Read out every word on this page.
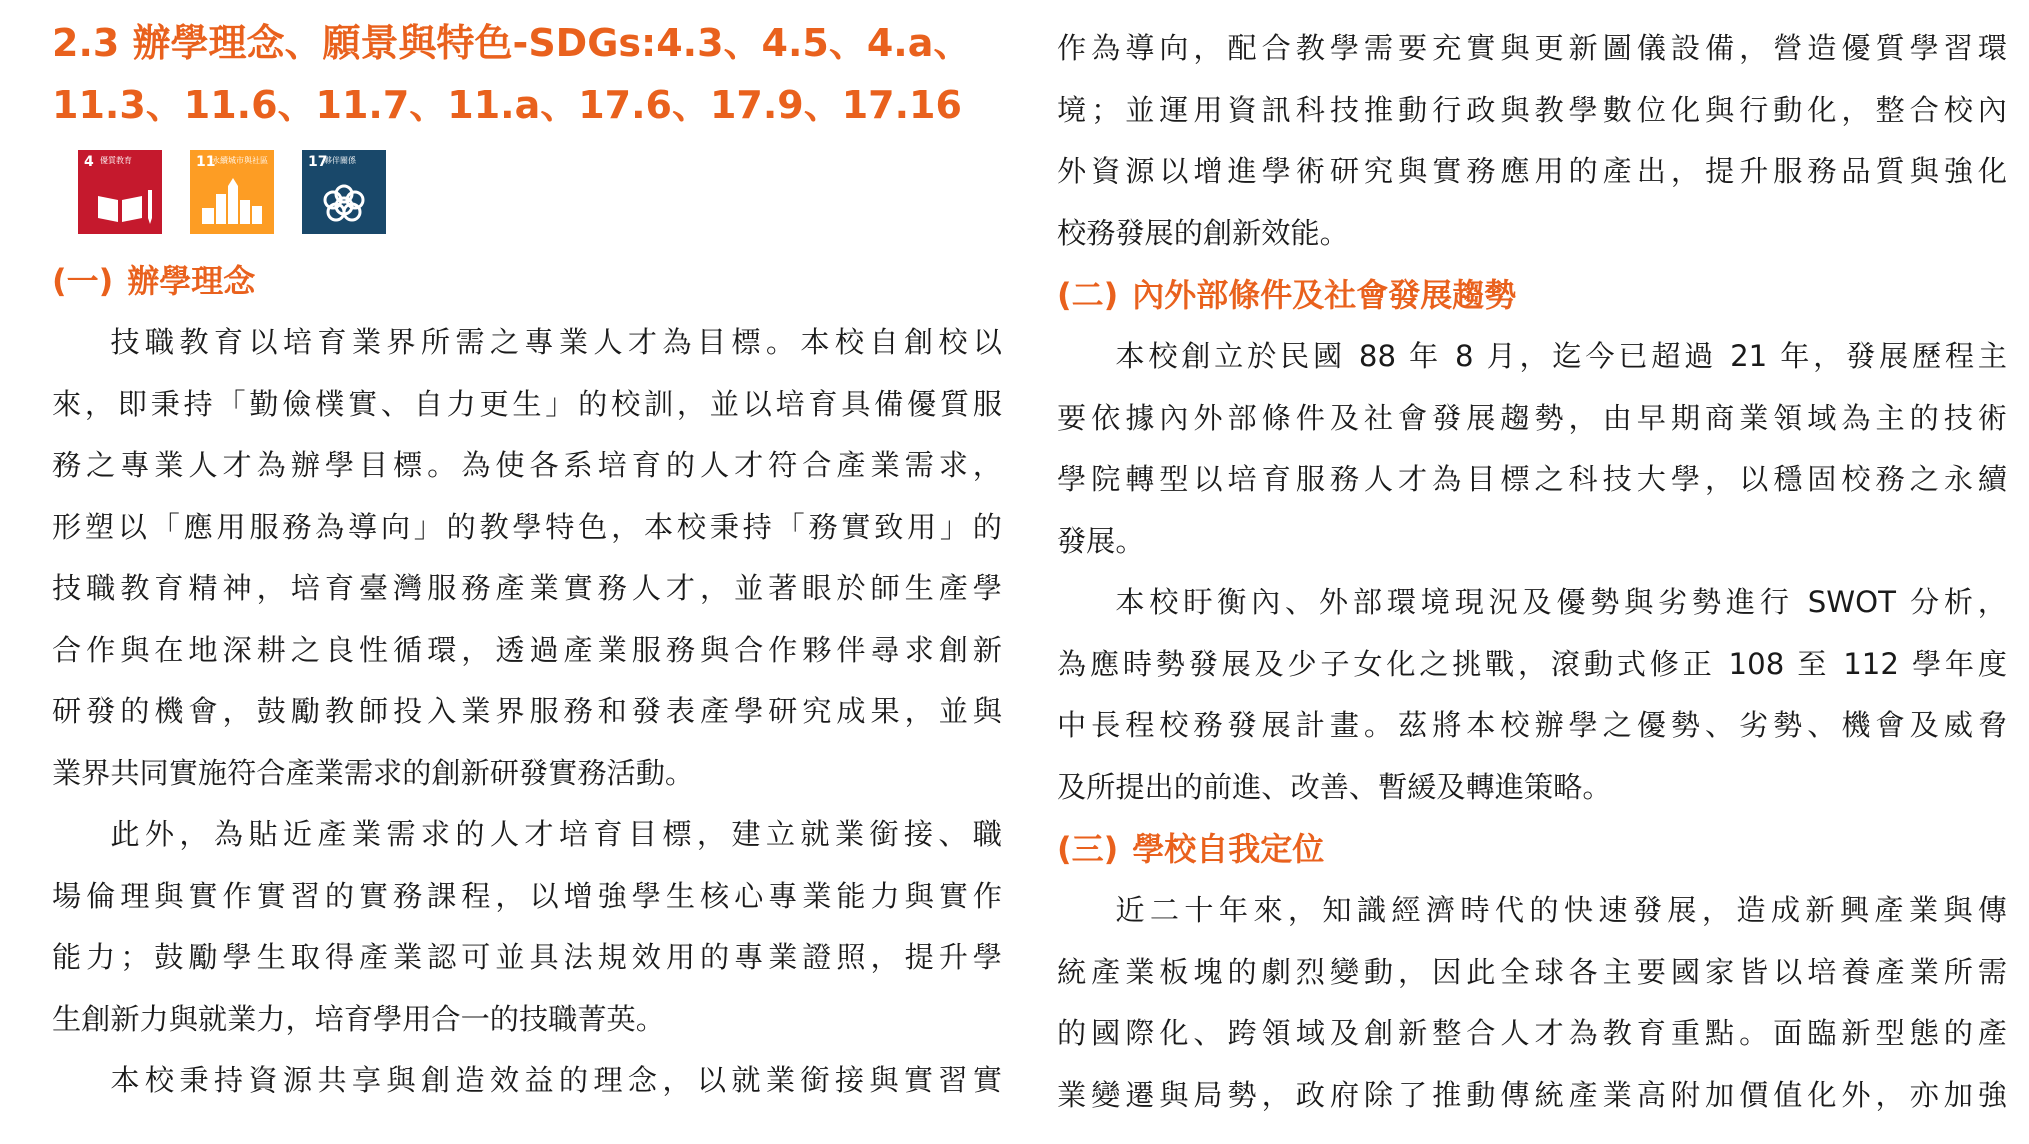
2.3 辦學理念、願景與特色-SDGs:4.3、4.5、4.a、
11.3、11.6、11.7、11.a、17.6、17.9、17.16
4 優質教育	11
永續城市與社區	17
夥伴關係
(一) 辦學理念
技職教育以培育業界所需之專業人才為目標。本校自創校以
來，即秉持「勤儉樸實、自力更生」的校訓，並以培育具備優質服
務之專業人才為辦學目標。為使各系培育的人才符合產業需求，
形塑以「應用服務為導向」的教學特色，本校秉持「務實致用」的
技職教育精神，培育臺灣服務產業實務人才，並著眼於師生產學
合作與在地深耕之良性循環，透過產業服務與合作夥伴尋求創新
研發的機會，鼓勵教師投入業界服務和發表產學研究成果，並與
業界共同實施符合產業需求的創新研發實務活動。
此外，為貼近產業需求的人才培育目標，建立就業銜接、職
場倫理與實作實習的實務課程，以增強學生核心專業能力與實作
能力；鼓勵學生取得產業認可並具法規效用的專業證照，提升學
生創新力與就業力，培育學用合一的技職菁英。
本校秉持資源共享與創造效益的理念，以就業銜接與實習實
作為導向，配合教學需要充實與更新圖儀設備，營造優質學習環
境；並運用資訊科技推動行政與教學數位化與行動化，整合校內
外資源以增進學術研究與實務應用的產出，提升服務品質與強化
校務發展的創新效能。
(二) 內外部條件及社會發展趨勢
本校創立於民國 88 年 8 月，迄今已超過 21 年，發展歷程主
要依據內外部條件及社會發展趨勢，由早期商業領域為主的技術
學院轉型以培育服務人才為目標之科技大學，以穩固校務之永續
發展。
本校盱衡內、外部環境現況及優勢與劣勢進行 SWOT 分析，
為應時勢發展及少子女化之挑戰，滾動式修正 108 至 112 學年度
中長程校務發展計畫。茲將本校辦學之優勢、劣勢、機會及威脅
及所提出的前進、改善、暫緩及轉進策略。
(三) 學校自我定位
近二十年來，知識經濟時代的快速發展，造成新興產業與傳
統產業板塊的劇烈變動，因此全球各主要國家皆以培養產業所需
的國際化、跨領域及創新整合人才為教育重點。面臨新型態的產
業變遷與局勢，政府除了推動傳統產業高附加價值化外，亦加強
